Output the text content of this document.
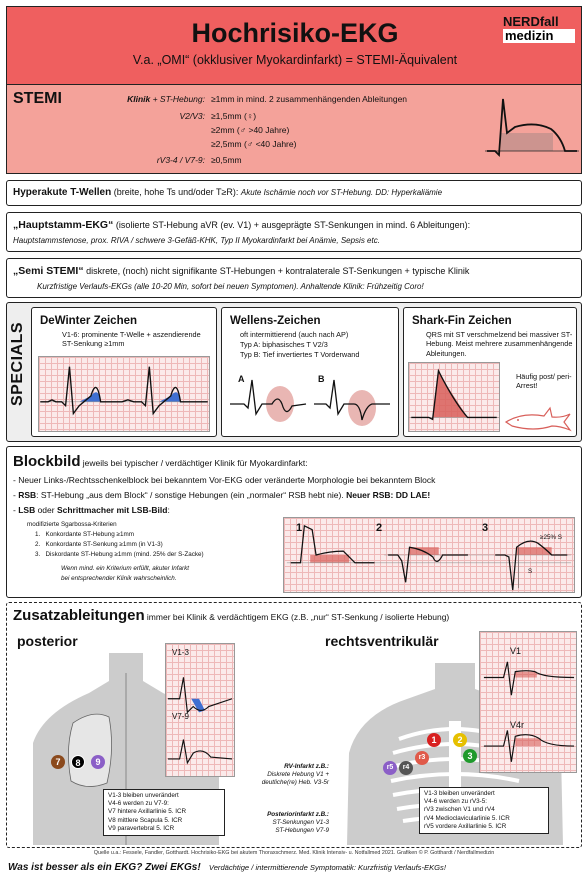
Hochrisiko-EKG
V.a. „OMI“ (okklusiver Myokardinfarkt) = STEMI-Äquivalent
NERDfall
medizin
STEMI	Klinik + ST-Hebung: ≥1mm in mind. 2 zusammenhängenden Ableitungen
V2/V3: ≥1,5mm (♀)
≥2mm (♂ >40 Jahre)
≥2,5mm (♂ <40 Jahre)
rV3-4 / V7-9: ≥0,5mm
Hyperakute T-Wellen (breite, hohe Ts und/oder T≥R): Akute Ischämie noch vor ST-Hebung. DD: Hyperkaliämie
„Hauptstamm-EKG“ (isolierte ST-Hebung aVR (ev. V1) + ausgeprägte ST-Senkungen in mind. 6 Ableitungen):
Hauptstammstenose, prox. RIVA / schwere 3-Gefäß-KHK, Typ II Myokardinfarkt bei Anämie, Sepsis etc.
„Semi STEMI“ diskrete, (noch) nicht signifikante ST-Hebungen + kontralaterale ST-Senkungen + typische Klinik
Kurzfristige Verlaufs-EKGs (alle 10-20 Min, sofort bei neuen Symptomen). Anhaltende Klinik: Frühzeitig Coro!
SPECIALS
DeWinter Zeichen
V1-6: prominente T-Welle + aszendierende ST-Senkung ≥1mm
Wellens-Zeichen
oft intermittierend (auch nach AP)
Typ A: biphasisches T V2/3
Typ B: Tief invertiertes T Vorderwand
A	B
Shark-Fin Zeichen
QRS mit ST verschmelzend bei massiver ST-Hebung. Meist mehrere zusammenhängende Ableitungen.
Häufig post/ peri-Arrest!
Blockbild jeweils bei typischer / verdächtiger Klinik für Myokardinfarkt:
- Neuer Links-/Rechtsschenkelblock bei bekanntem Vor-EKG oder veränderte Morphologie bei bekanntem Block
- RSB: ST-Hebung „aus dem Block“ / sonstige Hebungen (ein „normaler“ RSB hebt nie). Neuer RSB: DD LAE!
- LSB oder Schrittmacher mit LSB-Bild:
modifizierte Sgarbossa-Kriterien
1.   Konkordante ST-Hebung ≥1mm
2.   Konkordante ST-Senkung ≥1mm (in V1-3)
3.   Diskordante ST-Hebung ≥1mm (mind. 25% der S-Zacke)
Wenn mind. ein Kriterium erfüllt, akuter Infarkt
bei entsprechender Klinik wahrscheinlich.
1	2	3
≥25% S
S
Zusatzableitungen immer bei Klinik & verdächtigem EKG (z.B. „nur“ ST-Senkung / isolierte Hebung)
posterior	rechtsventrikulär
7	8	9
V1-3
V7-9
V1-3 bleiben unverändert
V4-6 werden zu V7-9:
V7 hintere Axillarlinie 5. ICR
V8 mittlere Scapula 5. ICR
V9 paravertebral 5. ICR
RV-Infarkt z.B.:
Diskrete Hebung V1 +
deutliche(re) Heb. V3-5r
Posteriorinfarkt z.B.:
ST-Senkungen V1-3
ST-Hebungen V7-9
r5	r4
r3
1	2
3
V1
V4r
V1-3 bleiben unverändert
V4-6 werden zu rV3-5:
rV3 zwischen V1 und rV4
rV4 Medioclavicularlinie 5. ICR
rV5 vordere Axillarlinie 5. ICR
Quelle u.a.: Fessele, Fandler, Gotthardt. Hochrisiko-EKG bei akutem Thoraxschmerz. Med. Klinik Intensiv- u. Notfallmed 2021. Grafiken © P. Gotthardt / Nerdfallmedizin
Was ist besser als ein EKG? Zwei EKGs! Verdächtige / intermittierende Symptomatik: Kurzfristig Verlaufs-EKGs!
